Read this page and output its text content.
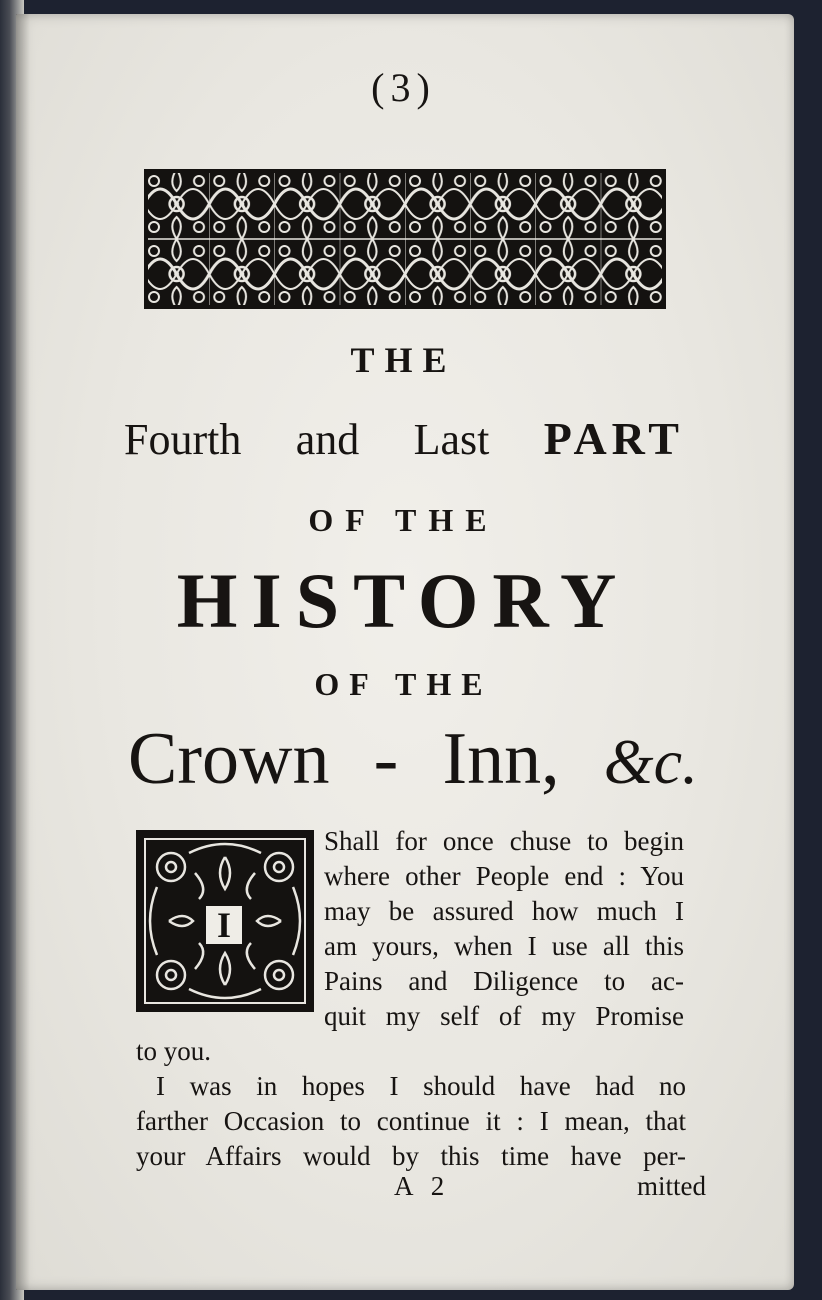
(3)
THE
Fourth and Last PART
OF THE
HISTORY
OF THE
Crown - Inn, &c.
I
Shall for once chuse to begin
where other People end : You
may be assured how much I
am yours, when I use all this
Pains and Diligence to ac-
quit my self of my Promise
to you.
I was in hopes I should have had no
farther Occasion to continue it : I mean, that
your Affairs would by this time have per-
A 2	mitted
